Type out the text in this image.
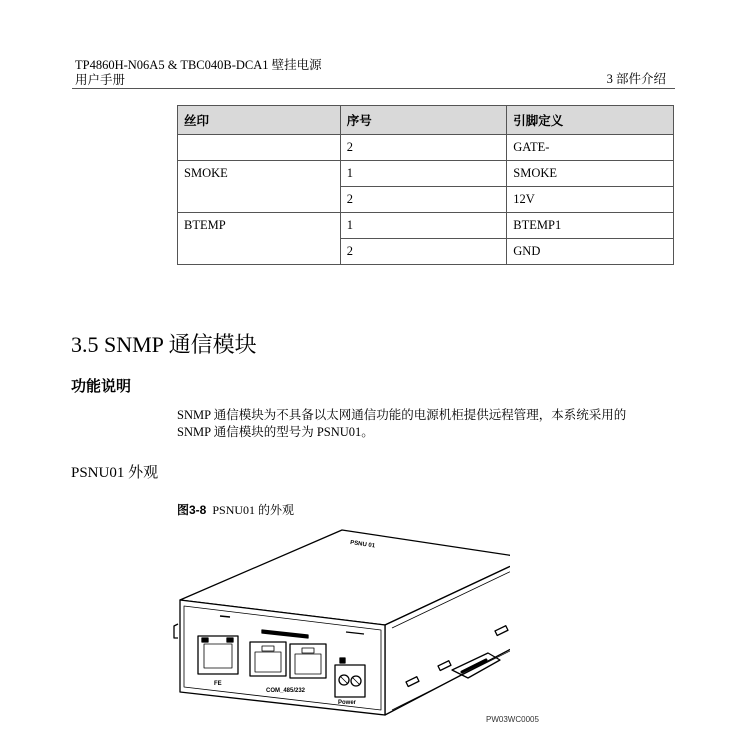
TP4860H-N06A5 & TBC040B-DCA1 壁挂电源
用户手册	3 部件介绍
丝印	序号	引脚定义
	2	GATE-
SMOKE	1	SMOKE
	2	12V
BTEMP	1	BTEMP1
	2	GND
3.5 SNMP 通信模块
功能说明
SNMP 通信模块为不具备以太网通信功能的电源机柜提供远程管理，本系统采用的
SNMP 通信模块的型号为 PSNU01。
PSNU01 外观
图3-8 PSNU01 的外观
FE
COM_485/232
Power
PSNU 01
PW03WC0005
